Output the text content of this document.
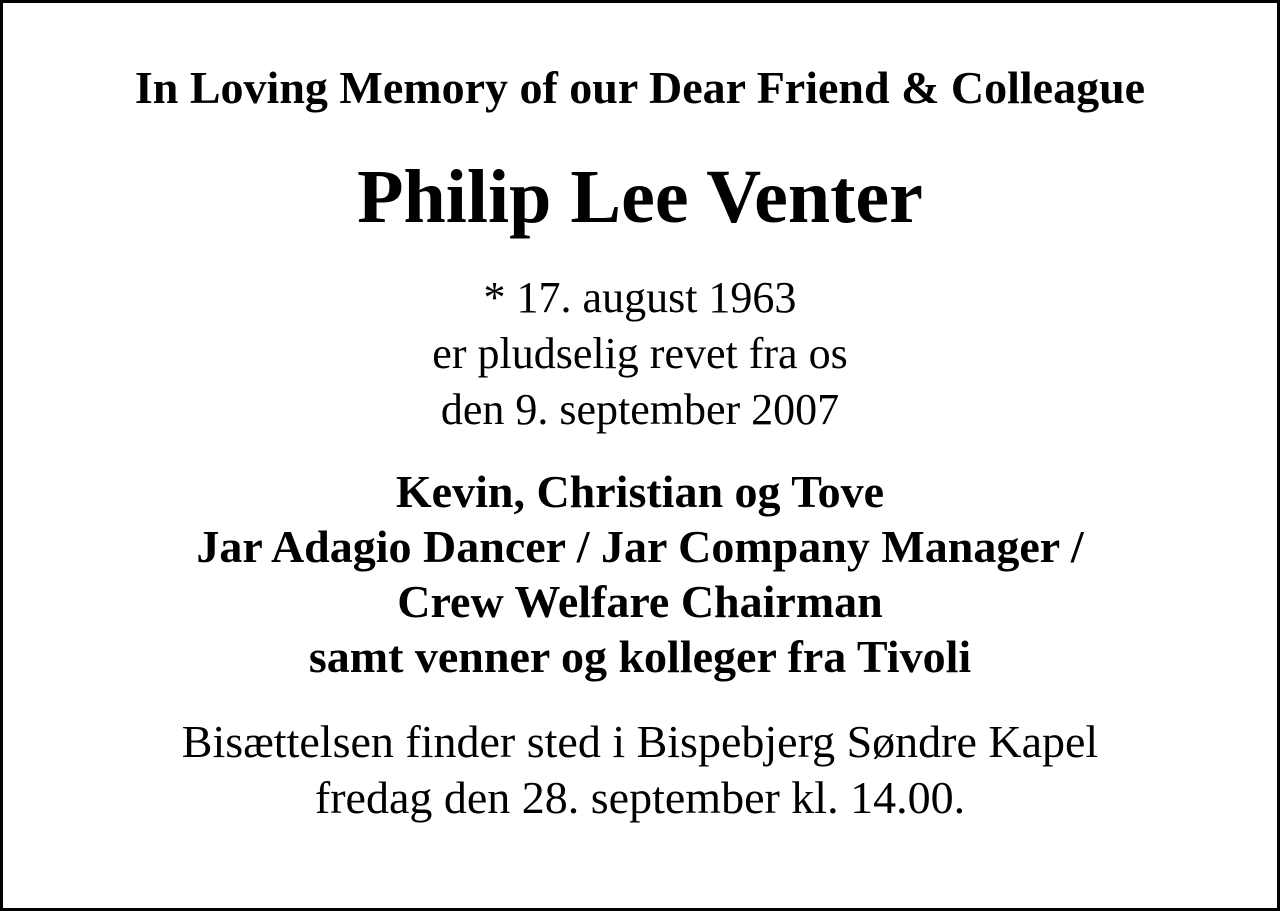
In Loving Memory of our Dear Friend & Colleague
Philip Lee Venter
* 17. august 1963
er pludselig revet fra os
den 9. september 2007
Kevin, Christian og Tove
Jar Adagio Dancer / Jar Company Manager /
Crew Welfare Chairman
samt venner og kolleger fra Tivoli
Bisættelsen finder sted i Bispebjerg Søndre Kapel
fredag den 28. september kl. 14.00.
